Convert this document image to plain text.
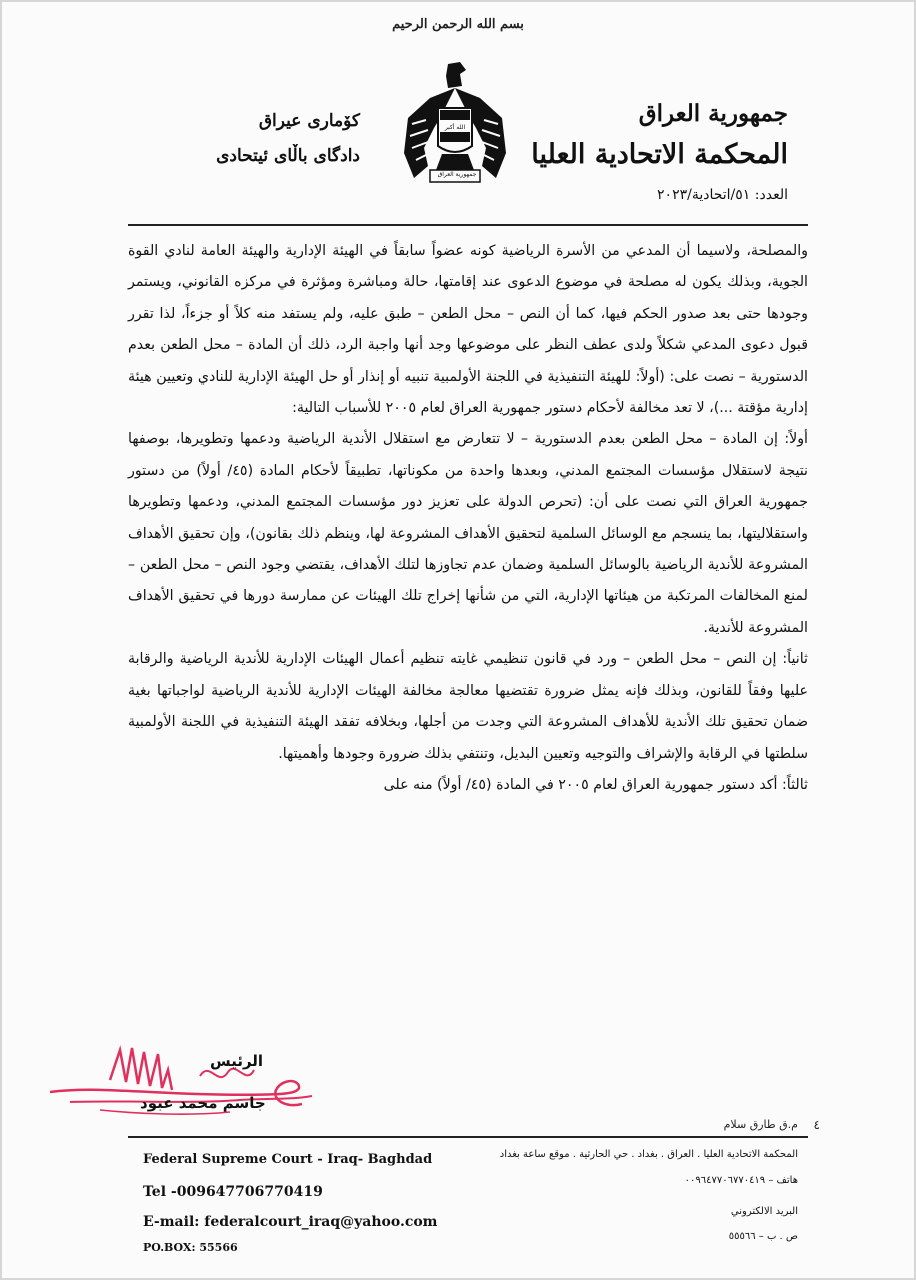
بسم الله الرحمن الرحيم
جمهورية العراق
المحكمة الاتحادية العليا
العدد: ٥١/اتحادية/٢٠٢٣
الله أكبر
جمهورية العراق
كۆماری عیراق
دادگای باڵای ئیتحادی

والمصلحة، ولاسيما أن المدعي من الأسرة الرياضية كونه عضواً سابقاً في الهيئة الإدارية والهيئة العامة لنادي القوة الجوية، وبذلك يكون له مصلحة في موضوع الدعوى عند إقامتها، حالة ومباشرة ومؤثرة في مركزه القانوني، ويستمر وجودها حتى بعد صدور الحكم فيها، كما أن النص – محل الطعن – طبق عليه، ولم يستفد منه كلاً أو جزءاً، لذا تقرر قبول دعوى المدعي شكلاً ولدى عطف النظر على موضوعها وجد أنها واجبة الرد، ذلك أن المادة – محل الطعن بعدم الدستورية – نصت على: (أولاً: للهيئة التنفيذية في اللجنة الأولمبية تنبيه أو إنذار أو حل الهيئة الإدارية للنادي وتعيين هيئة إدارية مؤقتة ...)، لا تعد مخالفة لأحكام دستور جمهورية العراق لعام ٢٠٠٥ للأسباب التالية:

أولاً: إن المادة – محل الطعن بعدم الدستورية – لا تتعارض مع استقلال الأندية الرياضية ودعمها وتطويرها، بوصفها نتيجة لاستقلال مؤسسات المجتمع المدني، وبعدها واحدة من مكوناتها، تطبيقاً لأحكام المادة (٤٥/ أولاً) من دستور جمهورية العراق التي نصت على أن: (تحرص الدولة على تعزيز دور مؤسسات المجتمع المدني، ودعمها وتطويرها واستقلاليتها، بما ينسجم مع الوسائل السلمية لتحقيق الأهداف المشروعة لها، وينظم ذلك بقانون)، وإن تحقيق الأهداف المشروعة للأندية الرياضية بالوسائل السلمية وضمان عدم تجاوزها لتلك الأهداف، يقتضي وجود النص – محل الطعن – لمنع المخالفات المرتكبة من هيئاتها الإدارية، التي من شأنها إخراج تلك الهيئات عن ممارسة دورها في تحقيق الأهداف المشروعة للأندية.

ثانياً: إن النص – محل الطعن – ورد في قانون تنظيمي غايته تنظيم أعمال الهيئات الإدارية للأندية الرياضية والرقابة عليها وفقاً للقانون، وبذلك فإنه يمثل ضرورة تقتضيها معالجة مخالفة الهيئات الإدارية للأندية الرياضية لواجباتها بغية ضمان تحقيق تلك الأندية للأهداف المشروعة التي وجدت من أجلها، وبخلافه تفقد الهيئة التنفيذية في اللجنة الأولمبية سلطتها في الرقابة والإشراف والتوجيه وتعيين البديل، وتنتفي بذلك ضرورة وجودها وأهميتها.

ثالثاً: أكد دستور جمهورية العراق لعام ٢٠٠٥ في المادة (٤٥/ أولاً) منه على

الرئيس
جاسم محمد عبود
٤
م.ق طارق سلام
Federal Supreme Court - Iraq- Baghdad
Tel -009647706770419
E-mail: federalcourt_iraq@yahoo.com
PO.BOX: 55566
المحكمة الاتحادية العليا . العراق . بغداد . حي الحارثية . موقع ساعة بغداد
هاتف – ٠٠٩٦٤٧٧٠٦٧٧٠٤١٩
البريد الالكتروني
ص . ب – ٥٥٥٦٦
